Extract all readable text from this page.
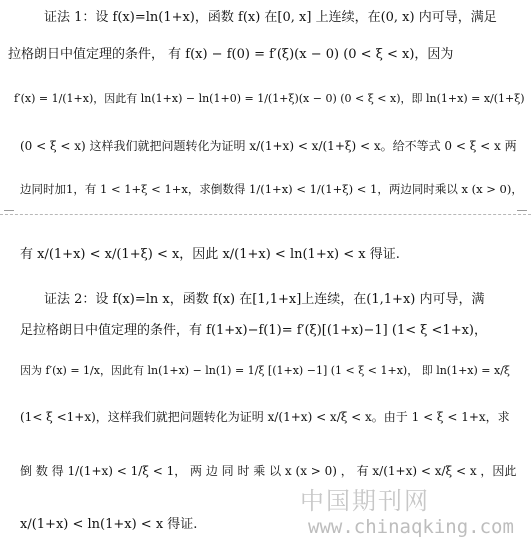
证法 1：设 f(x)=ln(1+x)，函数 f(x) 在[0, x] 上连续，在(0, x) 内可导，满足
拉格朗日中值定理的条件， 有 f(x) − f(0) = f′(ξ)(x − 0) (0 < ξ < x)，因为
f′(x) = 1/(1+x)，因此有 ln(1+x) − ln(1+0) = 1/(1+ξ)(x − 0) (0 < ξ < x)，即 ln(1+x) = x/(1+ξ)
(0 < ξ < x) 这样我们就把问题转化为证明 x/(1+x) < x/(1+ξ) < x。给不等式 0 < ξ < x 两
边同时加1，有 1 < 1+ξ < 1+x，求倒数得 1/(1+x) < 1/(1+ξ) < 1，两边同时乘以 x (x > 0)，
有 x/(1+x) < x/(1+ξ) < x，因此 x/(1+x) < ln(1+x) < x 得证.
证法 2：设 f(x)=ln x，函数 f(x) 在[1,1+x]上连续，在(1,1+x) 内可导，满
足拉格朗日中值定理的条件，有 f(1+x)−f(1)= f′(ξ)[(1+x)−1] (1< ξ <1+x)，
因为 f′(x) = 1/x，因此有 ln(1+x) − ln(1) = 1/ξ [(1+x) −1] (1 < ξ < 1+x)， 即 ln(1+x) = x/ξ
(1< ξ <1+x)，这样我们就把问题转化为证明 x/(1+x) < x/ξ < x。由于 1 < ξ < 1+x，求
倒 数 得 1/(1+x) < 1/ξ < 1， 两 边 同 时 乘 以 x (x > 0) ， 有 x/(1+x) < x/ξ < x ，因此
x/(1+x) < ln(1+x) < x 得证.
中国期刊网
www.chinaqking.com
